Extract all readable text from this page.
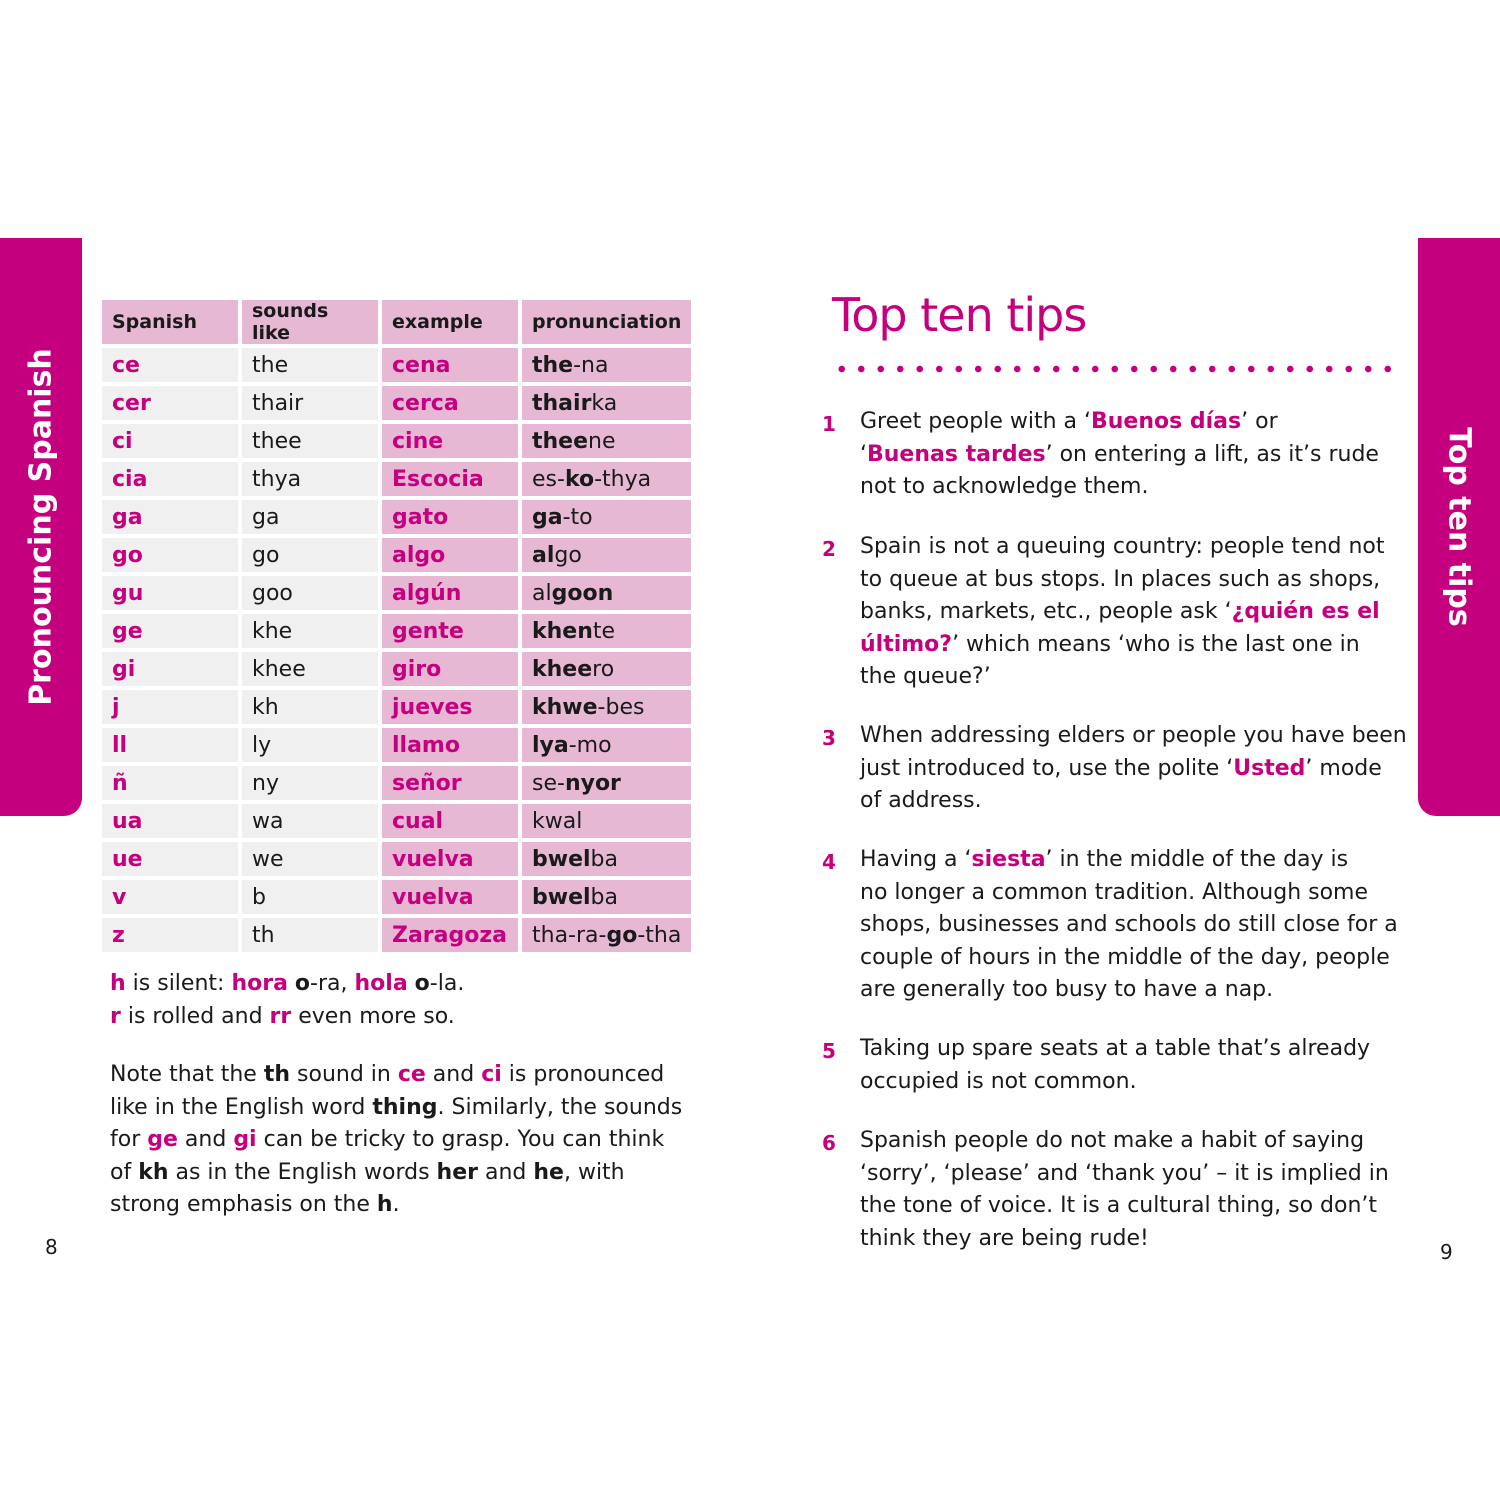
Pronouncing Spanish
Spanish	sounds like	example	pronunciation
ce	the	cena	the-na
cer	thair	cerca	thairka
ci	thee	cine	theene
cia	thya	Escocia	es-ko-thya
ga	ga	gato	ga-to
go	go	algo	algo
gu	goo	algún	algoon
ge	khe	gente	khente
gi	khee	giro	kheero
j	kh	jueves	khwe-bes
ll	ly	llamo	lya-mo
ñ	ny	señor	se-nyor
ua	wa	cual	kwal
ue	we	vuelva	bwelba
v	b	vuelva	bwelba
z	th	Zaragoza	tha-ra-go-tha

h is silent: hora o-ra, hola o-la.
r is rolled and rr even more so.

Note that the th sound in ce and ci is pronounced
like in the English word thing. Similarly, the sounds
for ge and gi can be tricky to grasp. You can think
of kh as in the English words her and he, with
strong emphasis on the h.

8
Top ten tips
1 Greet people with a ‘Buenos días’ or
‘Buenas tardes’ on entering a lift, as it’s rude
not to acknowledge them.
2 Spain is not a queuing country: people tend not
to queue at bus stops. In places such as shops,
banks, markets, etc., people ask ‘¿quién es el
último?’ which means ‘who is the last one in
the queue?’
3 When addressing elders or people you have been
just introduced to, use the polite ‘Usted’ mode
of address.
4 Having a ‘siesta’ in the middle of the day is
no longer a common tradition. Although some
shops, businesses and schools do still close for a
couple of hours in the middle of the day, people
are generally too busy to have a nap.
5 Taking up spare seats at a table that’s already
occupied is not common.
6 Spanish people do not make a habit of saying
‘sorry’, ‘please’ and ‘thank you’ – it is implied in
the tone of voice. It is a cultural thing, so don’t
think they are being rude!
9
Top ten tips
